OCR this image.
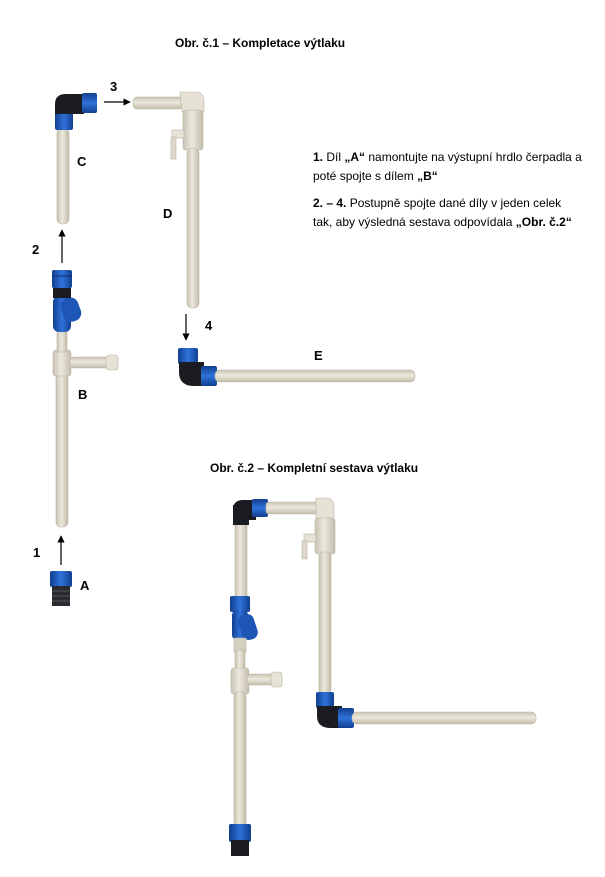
Obr. č.1 – Kompletace výtlaku
Obr. č.2 – Kompletní sestava výtlaku

1. Díl „A“ namontujte na výstupní hrdlo čerpadla a poté spojte s dílem „B“

2. – 4. Postupně spojte dané díly v jeden celek tak, aby výsledná sestava odpovídala „Obr. č.2“

A
B
C
D
E
1
2
3
4
